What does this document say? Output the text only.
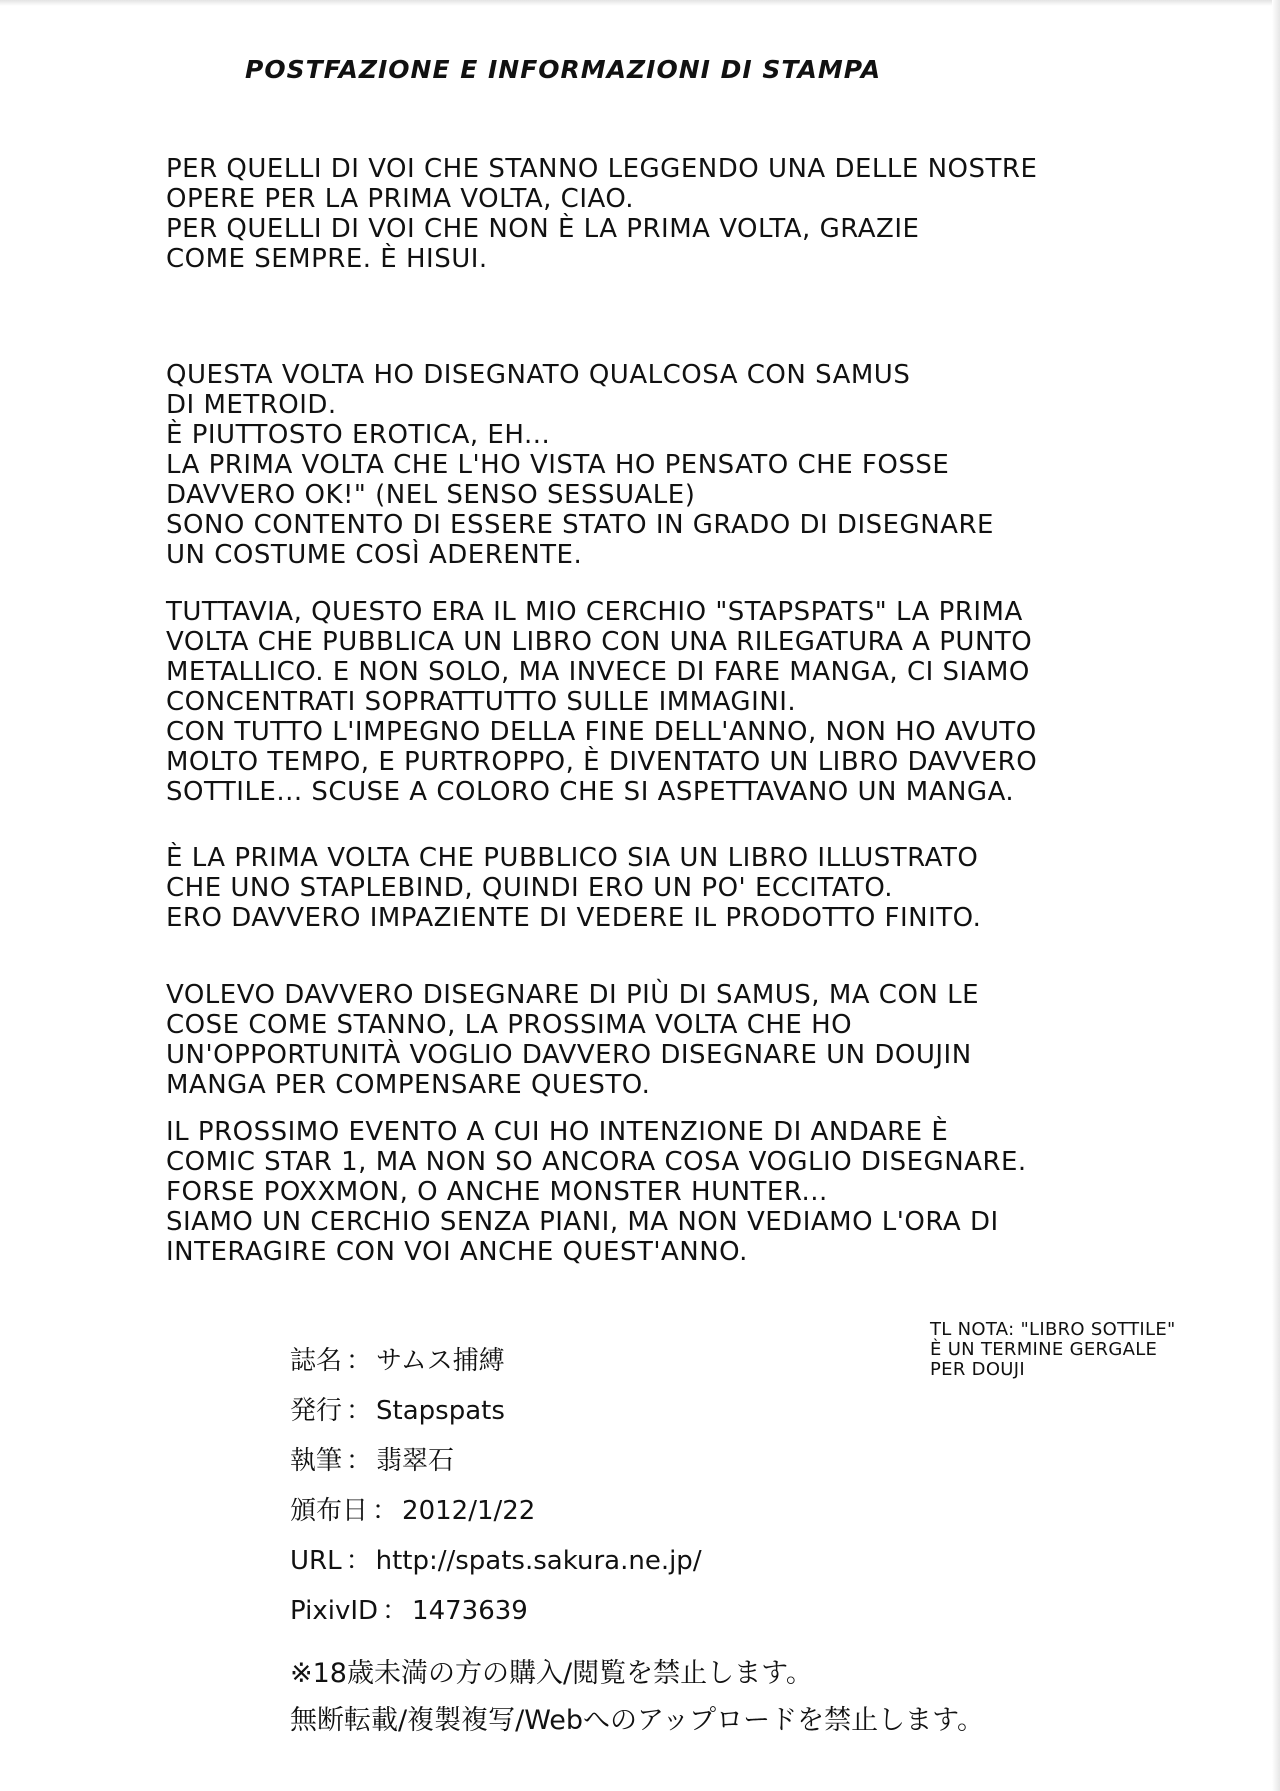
POSTFAZIONE E INFORMAZIONI DI STAMPA
PER QUELLI DI VOI CHE STANNO LEGGENDO UNA DELLE NOSTRE
OPERE PER LA PRIMA VOLTA, CIAO.
PER QUELLI DI VOI CHE NON È LA PRIMA VOLTA, GRAZIE
COME SEMPRE. È HISUI.
QUESTA VOLTA HO DISEGNATO QUALCOSA CON SAMUS
DI METROID.
È PIUTTOSTO EROTICA, EH...
LA PRIMA VOLTA CHE L'HO VISTA HO PENSATO CHE FOSSE
DAVVERO OK!" (NEL SENSO SESSUALE)
SONO CONTENTO DI ESSERE STATO IN GRADO DI DISEGNARE
UN COSTUME COSÌ ADERENTE.
TUTTAVIA, QUESTO ERA IL MIO CERCHIO "STAPSPATS" LA PRIMA
VOLTA CHE PUBBLICA UN LIBRO CON UNA RILEGATURA A PUNTO
METALLICO. E NON SOLO, MA INVECE DI FARE MANGA, CI SIAMO
CONCENTRATI SOPRATTUTTO SULLE IMMAGINI.
CON TUTTO L'IMPEGNO DELLA FINE DELL'ANNO, NON HO AVUTO
MOLTO TEMPO, E PURTROPPO, È DIVENTATO UN LIBRO DAVVERO
SOTTILE... SCUSE A COLORO CHE SI ASPETTAVANO UN MANGA.
È LA PRIMA VOLTA CHE PUBBLICO SIA UN LIBRO ILLUSTRATO
CHE UNO STAPLEBIND, QUINDI ERO UN PO' ECCITATO.
ERO DAVVERO IMPAZIENTE DI VEDERE IL PRODOTTO FINITO.
VOLEVO DAVVERO DISEGNARE DI PIÙ DI SAMUS, MA CON LE
COSE COME STANNO, LA PROSSIMA VOLTA CHE HO
UN'OPPORTUNITÀ VOGLIO DAVVERO DISEGNARE UN DOUJIN
MANGA PER COMPENSARE QUESTO.
IL PROSSIMO EVENTO A CUI HO INTENZIONE DI ANDARE È
COMIC STAR 1, MA NON SO ANCORA COSA VOGLIO DISEGNARE.
FORSE POXXMON, O ANCHE MONSTER HUNTER...
SIAMO UN CERCHIO SENZA PIANI, MA NON VEDIAMO L'ORA DI
INTERAGIRE CON VOI ANCHE QUEST'ANNO.
TL NOTA: "LIBRO SOTTILE"
È UN TERMINE GERGALE
PER DOUJI
誌名 ： サムス捕縛
発行 ： Stapspats
執筆 ： 翡翠石
頒布日 ： 2012/1/22
URL ： http://spats.sakura.ne.jp/
PixivID ： 1473639
※18歳未満の方の購入/閲覧を禁止します。
無断転載/複製複写/Webへのアップロードを禁止します。
